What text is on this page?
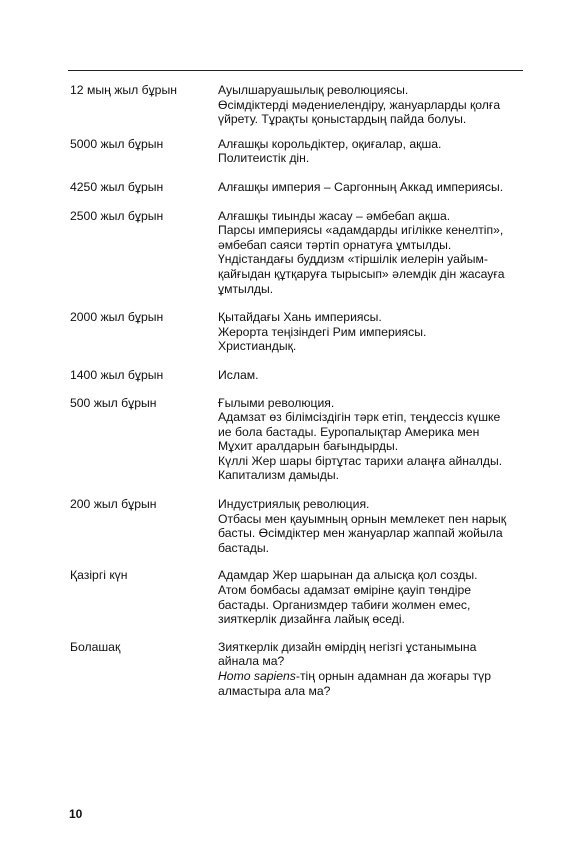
12 мың жыл бұрын	Ауылшаруашылық революциясы.
Өсімдіктерді мәдениелендіру, жануарларды қолға
үйрету. Тұрақты қоныстардың пайда болуы.
5000 жыл бұрын	Алғашқы корольдіктер, оқиғалар, ақша.
Политеистік дін.
4250 жыл бұрын	Алғашқы империя – Саргонның Аккад империясы.
2500 жыл бұрын	Алғашқы тиынды жасау – әмбебап ақша.
Парсы империясы «адамдарды игілікке кенелтіп»,
әмбебап саяси тәртіп орнатуға ұмтылды.
Үндістандағы буддизм «тіршілік иелерін уайым-
қайғыдан құтқаруға тырысып» әлемдік дін жасауға
ұмтылды.
2000 жыл бұрын	Қытайдағы Хань империясы.
Жерорта теңізіндегі Рим империясы.
Христиандық.
1400 жыл бұрын	Ислам.
500 жыл бұрын	Ғылыми революция.
Адамзат өз білімсіздігін тәрк етіп, теңдессіз күшке
ие бола бастады. Еуропалықтар Америка мен
Мұхит аралдарын бағындырды.
Күллі Жер шары біртұтас тарихи алаңға айналды.
Капитализм дамыды.
200 жыл бұрын	Индустриялық революция.
Отбасы мен қауымның орнын мемлекет пен нарық
басты. Өсімдіктер мен жануарлар жаппай жойыла
бастады.
Қазіргі күн	Адамдар Жер шарынан да алысқа қол созды.
Атом бомбасы адамзат өміріне қауіп төндіре
бастады. Организмдер табиғи жолмен емес,
зияткерлік дизайнға лайық өседі.
Болашақ	Зияткерлік дизайн өмірдің негізгі ұстанымына
айнала ма?
Homo sapiens-тің орнын адамнан да жоғары түр
алмастыра ала ма?
10
